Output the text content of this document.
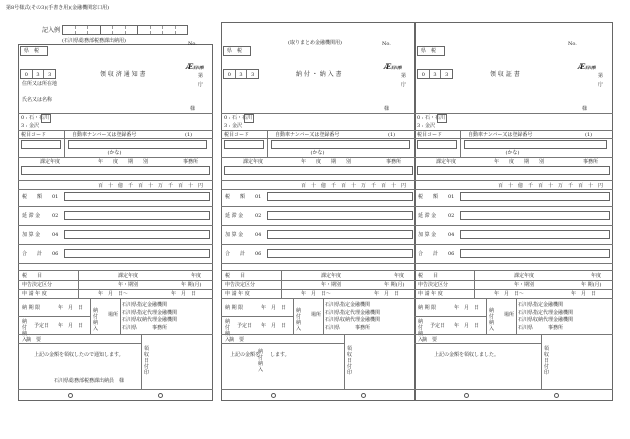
第8号様式(その3)(手書き用)(金融機関窓口用)
記入例
(石川県総務部税務課出納用)	(取りまとめ金融機関用)
No.	No.	No.
県　税
0	3	3	領 収 済 通 知 書
Æ石川県
第
庁
住所又は所在地
氏名又は名称
様
県　税
0	3	3	納 付 ・ 納 入 書
Æ石川県
第
庁
様
県　税
0	3	3	領 収 証 書
Æ石川県
第
庁
様
0 : 石・石川
3 : 金沢
税目コード	自動車ナンバー又は登録番号	(1)
(かな)
課定年度	年　　度　　期　　別	事務所
百　十　億　千　百　十　万　千　百　十　円
税　　額 01
延 滞 金 02
加 算 金 04
合　　計 06
税　　目
申告決定区分
申 請 年 度
課定年度	年度
年・期別	年 期(月)
年　月　日～	年　月　日
納 期 限	年　月　日 納付 納入
場所
石川県指定金融機関
石川県指定代理金融機関
石川県収納代理金融機関
石川県　　　事務所
納付 納入
予定日 年　月　日
摘　要
領収日付印
0 : 石・石川
3 : 金沢
税目コード	自動車ナンバー又は登録番号	(1)
(かな)
課定年度	年　　度　　期　　別	事務所
百　十　億　千　百　十　万　千　百　十　円
税　　額 01
延 滞 金 02
加 算 金 04
合　　計 06
税　　目
申告決定区分
申 請 年 度
課定年度	年度
年・期別	年 期(月)
年　月　日～	年　月　日
納 期 限	年　月　日 納付 納入
場所
石川県指定金融機関
石川県指定代理金融機関
石川県収納代理金融機関
石川県　　　事務所
納付 納入
予定日 年　月　日
摘　要
領収日付印
0 : 石・石川
3 : 金沢
税目コード	自動車ナンバー又は登録番号	(1)
(かな)
課定年度	年　　度　　期　　別	事務所
百　十　億　千　百　十　万　千　百　十　円
税　　額 01
延 滞 金 02
加 算 金 04
合　　計 06
税　　目
申告決定区分
申 請 年 度
課定年度	年度
年・期別	年 期(月)
年　月　日～	年　月　日
納 期 限	年　月　日 納付 納入
場所
石川県指定金融機関
石川県指定代理金融機関
石川県収納代理金融機関
石川県　　　事務所
納付 納入
予定日 年　月　日
摘　要
領収日付印
上記の金額を領収したので通知します。
石川県総務部税務課出納員　様
上記の金額を
納付 納入
します。	上記の金額を領収しました。
